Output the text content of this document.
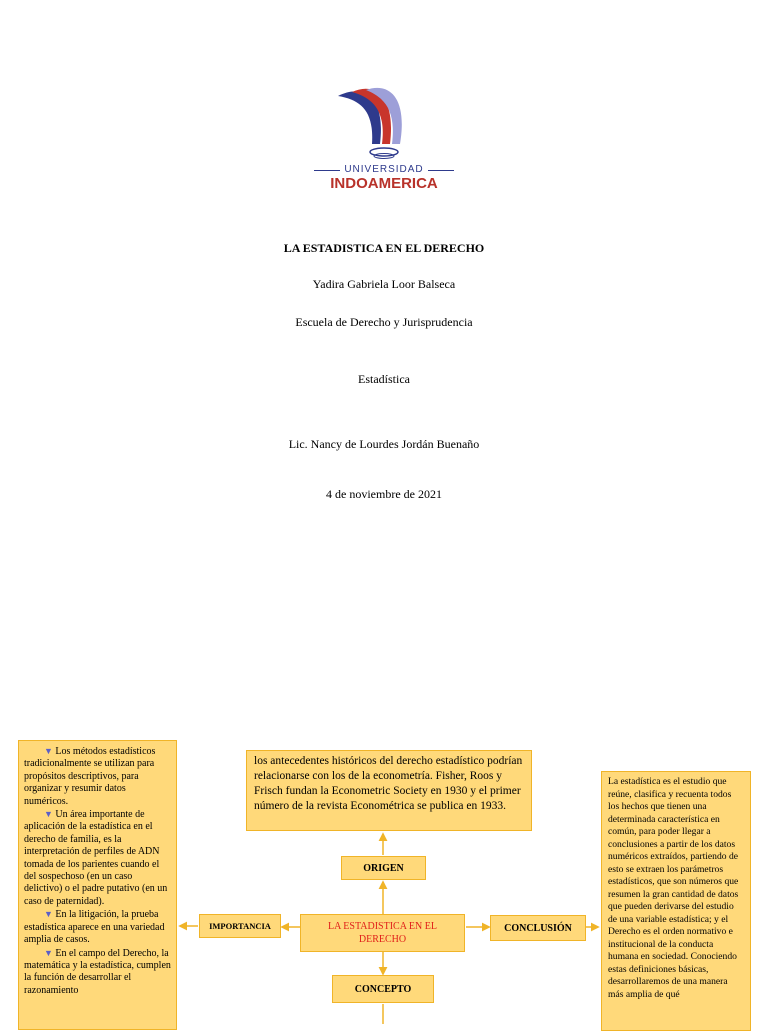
UNIVERSIDAD
INDOAMERICA
LA ESTADISTICA EN EL DERECHO
Yadira Gabriela Loor Balseca
Escuela de Derecho y Jurisprudencia
Estadística
Lic. Nancy de Lourdes Jordán Buenaño
4 de noviembre de 2021

▼ Los métodos estadísticos tradicionalmente se utilizan para propósitos descriptivos, para organizar y resumir datos numéricos.

▼ Un área importante de aplicación de la estadística en el derecho de familia, es la interpretación de perfiles de ADN tomada de los parientes cuando el del sospechoso (en un caso delictivo) o el padre putativo (en un caso de paternidad).

▼ En la litigación, la prueba estadística aparece en una variedad amplia de casos.

▼ En el campo del Derecho, la matemática y la estadística, cumplen la función de desarrollar el razonamiento

los antecedentes históricos del derecho estadístico podrían relacionarse con los de la econometría. Fisher, Roos y Frisch fundan la Econometric Society en 1930 y el primer número de la revista Econométrica se publica en 1933.
ORIGEN
IMPORTANCIA	LA ESTADISTICA EN EL DERECHO
CONCLUSIÓN
CONCEPTO
La estadística es el estudio que reúne, clasifica y recuenta todos los hechos que tienen una determinada característica en común, para poder llegar a conclusiones a partir de los datos numéricos extraídos, partiendo de esto se extraen los parámetros estadísticos, que son números que resumen la gran cantidad de datos que pueden derivarse del estudio de una variable estadística; y el Derecho es el orden normativo e institucional de la conducta humana en sociedad. Conociendo estas definiciones básicas, desarrollaremos de una manera más amplia de qué
